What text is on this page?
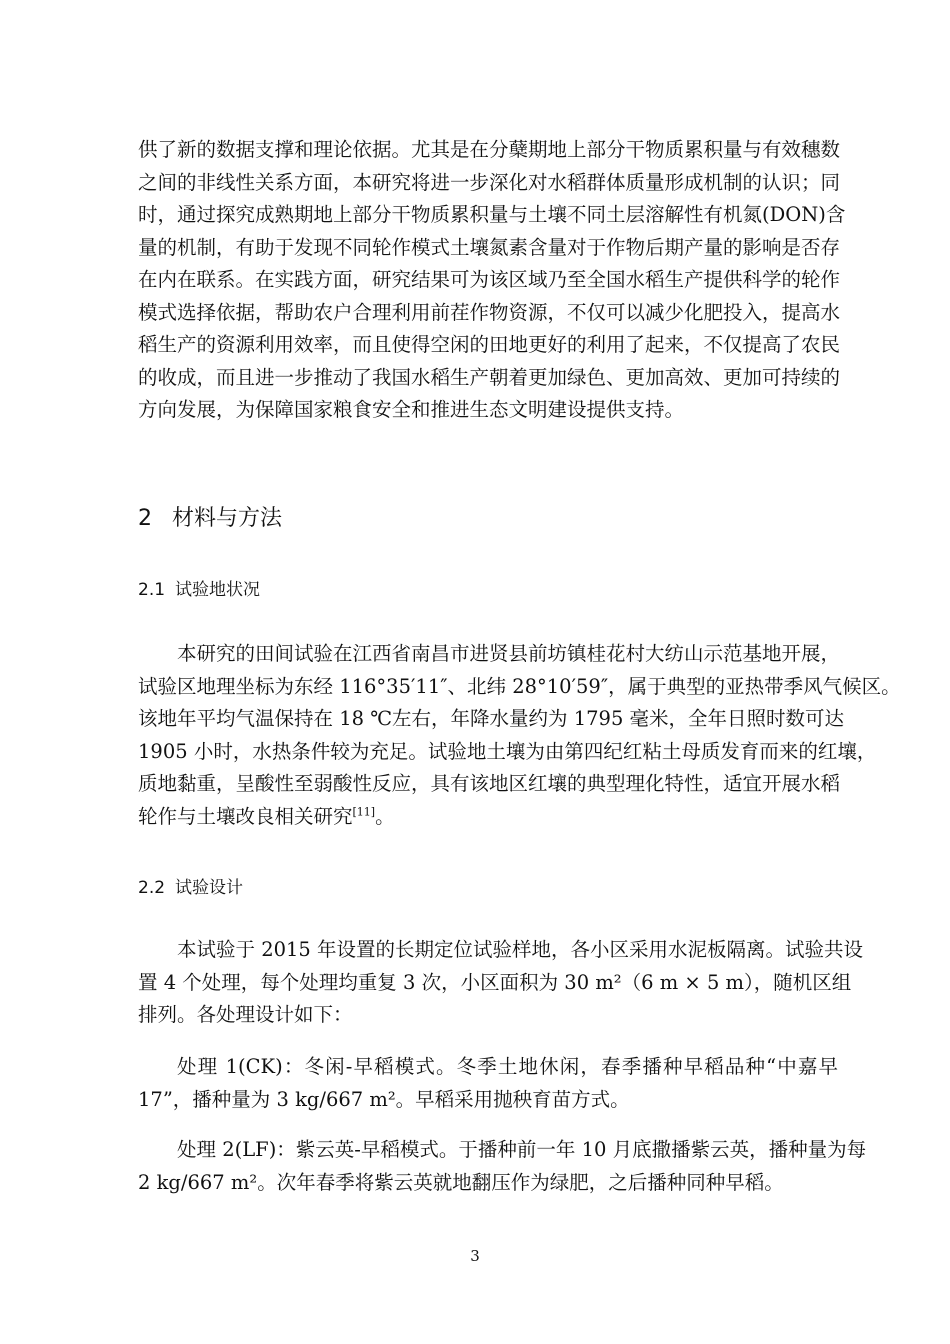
供了新的数据支撑和理论依据。尤其是在分蘖期地上部分干物质累积量与有效穗数
之间的非线性关系方面，本研究将进一步深化对水稻群体质量形成机制的认识；同
时，通过探究成熟期地上部分干物质累积量与土壤不同土层溶解性有机氮(DON)含
量的机制，有助于发现不同轮作模式土壤氮素含量对于作物后期产量的影响是否存
在内在联系。在实践方面，研究结果可为该区域乃至全国水稻生产提供科学的轮作
模式选择依据，帮助农户合理利用前茬作物资源，不仅可以减少化肥投入，提高水
稻生产的资源利用效率，而且使得空闲的田地更好的利用了起来，不仅提高了农民
的收成，而且进一步推动了我国水稻生产朝着更加绿色、更加高效、更加可持续的
方向发展，为保障国家粮食安全和推进生态文明建设提供支持。
2 材料与方法
2.1 试验地状况
本研究的田间试验在江西省南昌市进贤县前坊镇桂花村大纺山示范基地开展，
试验区地理坐标为东经 116°35′11″、北纬 28°10′59″，属于典型的亚热带季风气候区。
该地年平均气温保持在 18 ℃左右，年降水量约为 1795 毫米，全年日照时数可达
1905 小时，水热条件较为充足。试验地土壤为由第四纪红粘土母质发育而来的红壤，
质地黏重，呈酸性至弱酸性反应，具有该地区红壤的典型理化特性，适宜开展水稻
轮作与土壤改良相关研究[11]。
2.2 试验设计
本试验于 2015 年设置的长期定位试验样地，各小区采用水泥板隔离。试验共设
置 4 个处理，每个处理均重复 3 次，小区面积为 30 m²（6 m × 5 m），随机区组
排列。各处理设计如下：
处理 1(CK)：冬闲-早稻模式。冬季土地休闲，春季播种早稻品种“中嘉早
17”，播种量为 3 kg/667 m²。早稻采用抛秧育苗方式。
处理 2(LF)：紫云英-早稻模式。于播种前一年 10 月底撒播紫云英，播种量为每
2 kg/667 m²。次年春季将紫云英就地翻压作为绿肥，之后播种同种早稻。
3
